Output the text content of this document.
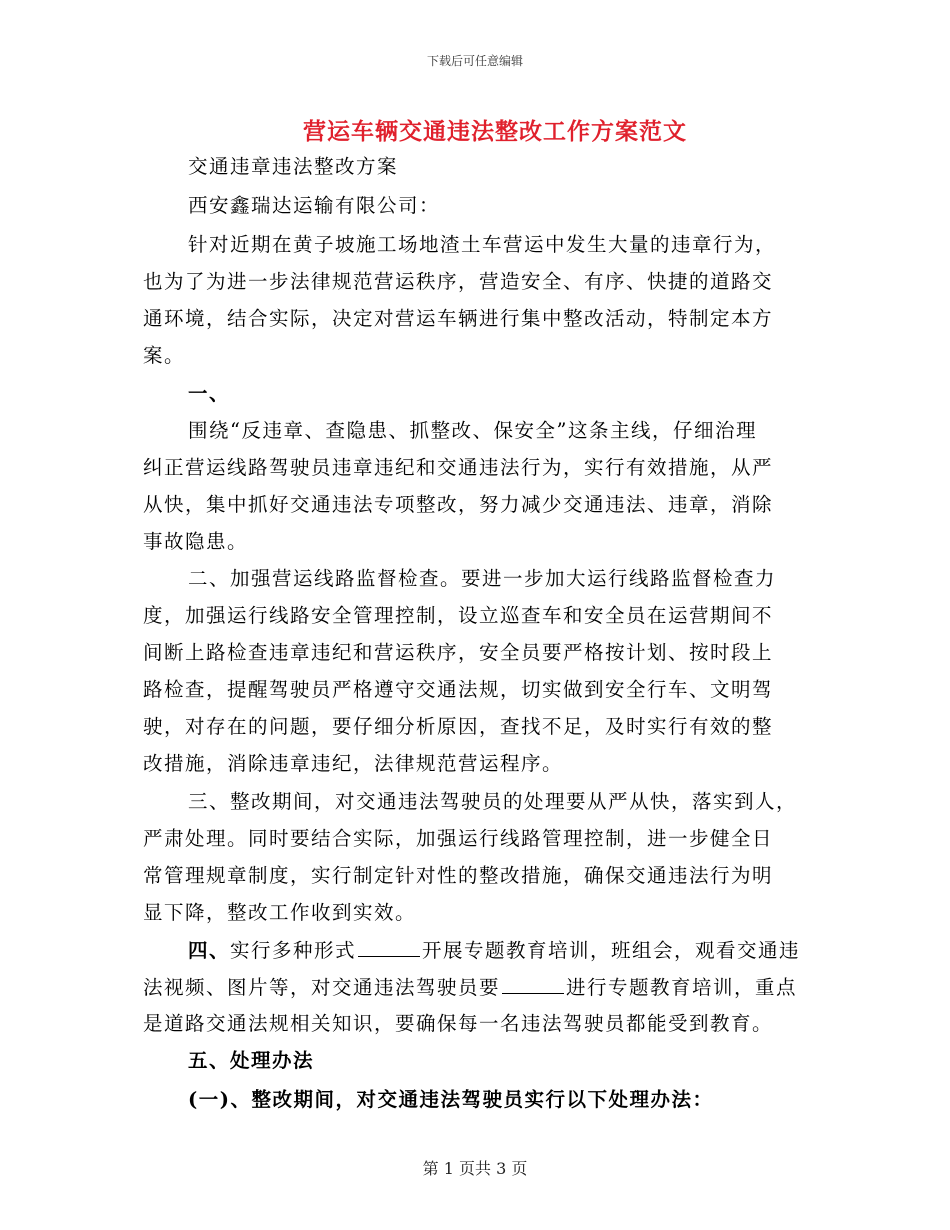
下载后可任意编辑
营运车辆交通违法整改工作方案范文
交通违章违法整改方案
西安鑫瑞达运输有限公司：
针对近期在黄子坡施工场地渣土车营运中发生大量的违章行为，
也为了为进一步法律规范营运秩序，营造安全、有序、快捷的道路交
通环境，结合实际，决定对营运车辆进行集中整改活动，特制定本方
案。
一、
围绕“反违章、查隐患、抓整改、保安全”这条主线，仔细治理
纠正营运线路驾驶员违章违纪和交通违法行为，实行有效措施，从严
从快，集中抓好交通违法专项整改，努力减少交通违法、违章，消除
事故隐患。
二、加强营运线路监督检查。要进一步加大运行线路监督检查力
度，加强运行线路安全管理控制，设立巡查车和安全员在运营期间不
间断上路检查违章违纪和营运秩序，安全员要严格按计划、按时段上
路检查，提醒驾驶员严格遵守交通法规，切实做到安全行车、文明驾
驶，对存在的问题，要仔细分析原因，查找不足，及时实行有效的整
改措施，消除违章违纪，法律规范营运程序。
三、整改期间，对交通违法驾驶员的处理要从严从快，落实到人，
严肃处理。同时要结合实际，加强运行线路管理控制，进一步健全日
常管理规章制度，实行制定针对性的整改措施，确保交通违法行为明
显下降，整改工作收到实效。
四、实行多种形式	开展专题教育培训，班组会，观看交通违
法视频、图片等，对交通违法驾驶员要	进行专题教育培训，重点
是道路交通法规相关知识，要确保每一名违法驾驶员都能受到教育。
五、处理办法
(一)、整改期间，对交通违法驾驶员实行以下处理办法：
第 1 页共 3 页
